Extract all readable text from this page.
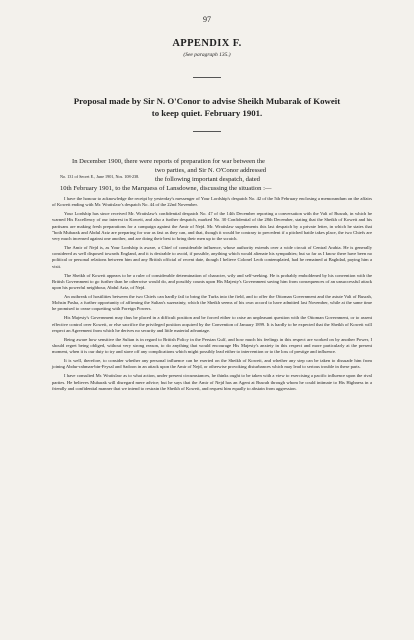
97
APPENDIX F.
(See paragraph 135.)
Proposal made by Sir N. O'Conor to advise Sheikh Mubarak of Koweit
to keep quiet. February 1901.
In December 1900, there were reports of preparation for war between the
two parties, and Sir N. O'Conor addressed
the following important despatch, dated
10th February 1901, to the Marquess of Lansdowne, discussing the situation :—
No. 131 of Secret E., June 1901, Nos. 108-238.

I have the honour to acknowledge the receipt by yesterday's messenger of Your Lordship's despatch No. 42 of the 5th February enclosing a memorandum on the affairs of Koweit ending with Mr. Wratislaw's despatch No. 44 of the 22nd November.

Your Lordship has since received Mr. Wratislaw's confidential despatch No. 47 of the 14th December reporting a conversation with the Vali of Busrah, in which he warned His Excellency of our interest in Koweit, and also a further despatch, marked No. 30 Confidential of the 28th December, stating that the Sheikh of Koweit and his partisans are making fresh preparations for a campaign against the Amir of Nejd. Mr. Wratislaw supplements this last despatch by a private letter, in which he states that "both Mubarak and Abdul Aziz are preparing for war as fast as they can, and that, though it would be contrary to precedent if a pitched battle takes place, the two Chiefs are very much incensed against one another, and are doing their best to bring their men up to the scratch.

The Amir of Nejd is, as Your Lordship is aware, a Chief of considerable influence, whose authority extends over a wide circuit of Central Arabia. He is generally considered as well disposed towards England, and it is desirable to avoid, if possible, anything which would alienate his sympathies; but so far as I know there have been no political or personal relations between him and any British official of recent date, though I believe Colonel Leob contemplated, had he remained at Baghdad, paying him a visit.

The Sheikh of Koweit appears to be a ruler of considerable determination of character, wily and self-seeking. He is probably emboldened by his convention with the British Government to go further than he otherwise would do, and possibly counts upon His Majesty's Government saving him from consequences of an unsuccessful attack upon his powerful neighbour, Abdul Aziz, of Nejd.

An outbreak of hostilities between the two Chiefs can hardly fail to bring the Turks into the field, and to offer the Ottoman Government and the astute Vali of Busrah, Mohsin Pasha, a further opportunity of affirming the Sultan's suzerainty, which the Sheikh seems of his own accord to have admitted last November, while at the same time he promised to cease coquetting with Foreign Powers.

His Majesty's Government may thus be placed in a difficult position and be forced either to raise an unpleasant question with the Ottoman Government, or to assent effective control over Koweit, or else sacrifice the privileged position acquired by the Convention of January 1899. It is hardly to be expected that the Sheikh of Koweit will respect an Agreement from which he derives no security and little material advantage.

Being aware how sensitive the Sultan is in regard to British Policy in the Persian Gulf, and how much his feelings in this respect are worked on by another Power, I should regret being obliged, without very strong reason, to do anything that would encourage His Majesty's anxiety in this respect and more particularly at the present moment, when it is our duty to try and stave off any complications which might possibly lead either to intervention or to the loss of prestige and influence.

It is well, therefore, to consider whether any personal influence can be exerted on the Sheikh of Koweit, and whether any step can be taken to dissuade him from joining Abdur-rahman-bin-Feysal and Sadoon in an attack upon the Amir of Nejd, or otherwise provoking disturbances which may lead to serious trouble in these parts.

I have consulted Mr. Wratislaw as to what action, under present circumstances, he thinks ought to be taken with a view to exercising a pacific influence upon the rival parties. He believes Mubarak will disregard mere advice; but he says that the Amir of Nejd has an Agent at Busrah through whom he could intimate to His Highness in a friendly and confidential manner that we intend to restrain the Sheikh of Koweit, and request him equally to abstain from aggression.
